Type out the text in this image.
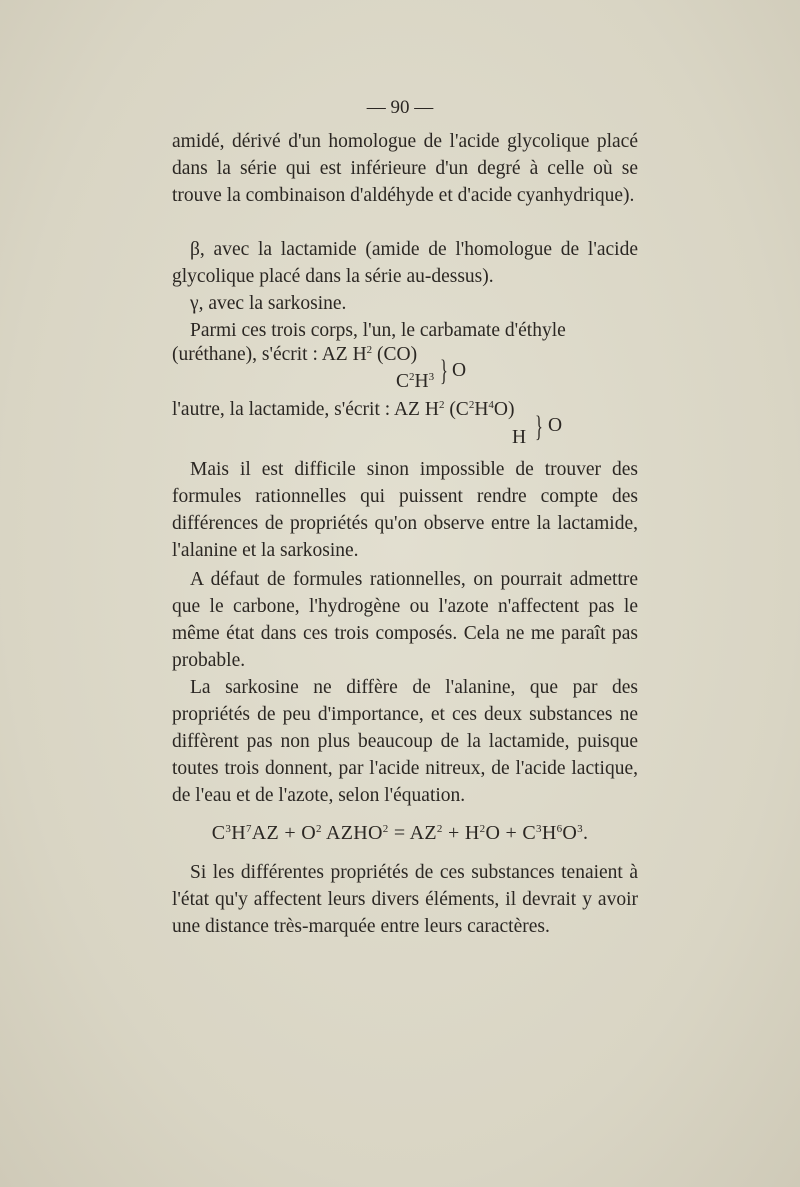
— 90 —

amidé, dérivé d'un homologue de l'acide glycolique placé dans la série qui est inférieure d'un degré à celle où se trouve la combinaison d'aldéhyde et d'acide cyanhydrique).

β, avec la lactamide (amide de l'homologue de l'acide glycolique placé dans la série au-dessus).

γ, avec la sarkosine.

Parmi ces trois corps, l'un, le carbamate d'éthyle

(uréthane), s'écrit : AZ $H^2$ (CO)
$C^2H^3$ } O
l'autre, la lactamide, s'écrit : AZ $H^2$ $(C^2H^4O)$
H } O

Mais il est difficile sinon impossible de trouver des formules rationnelles qui puissent rendre compte des différences de propriétés qu'on observe entre la lactamide, l'alanine et la sarkosine.

A défaut de formules rationnelles, on pourrait admettre que le carbone, l'hydrogène ou l'azote n'affectent pas le même état dans ces trois composés. Cela ne me paraît pas probable.

La sarkosine ne diffère de l'alanine, que par des propriétés de peu d'importance, et ces deux substances ne diffèrent pas non plus beaucoup de la lactamide, puisque toutes trois donnent, par l'acide nitreux, de l'acide lactique, de l'eau et de l'azote, selon l'équation.

$C^3H^7AZ + O^2$ $AZHO^2 = AZ^2 + H^2O + C^3H^6O^3$.

Si les différentes propriétés de ces substances tenaient à l'état qu'y affectent leurs divers éléments, il devrait y avoir une distance très-marquée entre leurs caractères.
